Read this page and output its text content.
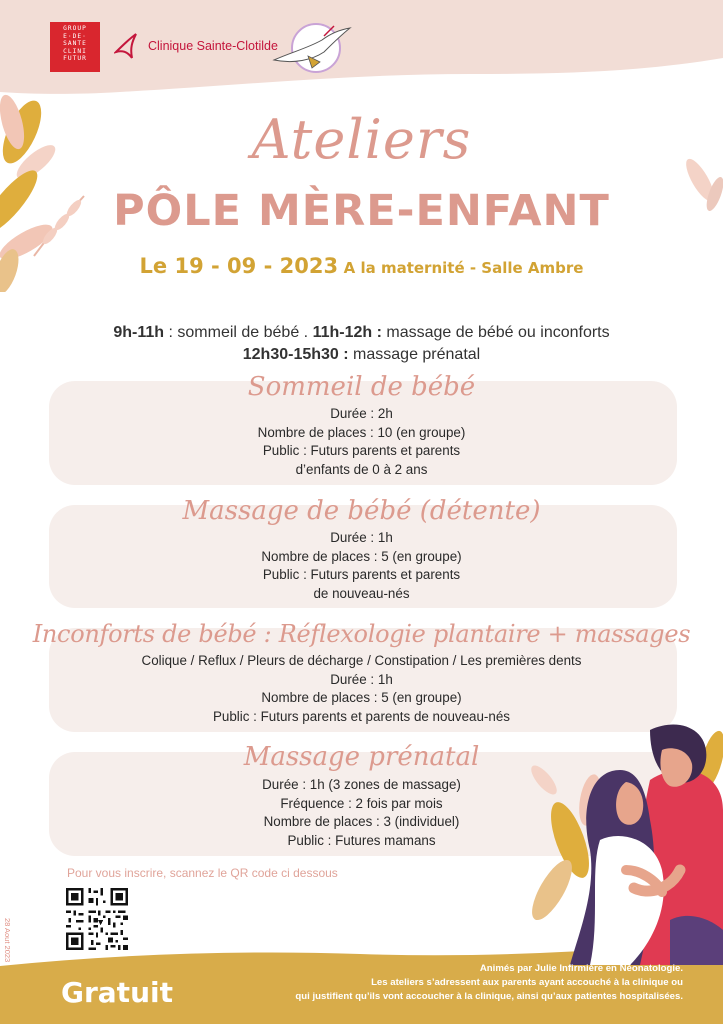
GROUP
E·DE·
SANTE
CLINI
FUTUR
Clinique Sainte-Clotilde
Ateliers
PÔLE MÈRE-ENFANT
Le 19 - 09 - 2023 A la maternité - Salle Ambre
9h-11h : sommeil de bébé . 11h-12h : massage de bébé ou inconforts
12h30-15h30 : massage prénatal
Sommeil de bébé
Durée : 2h
Nombre de places : 10 (en groupe)
Public : Futurs parents et parents
d’enfants de 0 à 2 ans
Massage de bébé (détente)
Durée : 1h
Nombre de places : 5 (en groupe)
Public : Futurs parents et parents
de nouveau-nés
Inconforts de bébé : Réflexologie plantaire + massages
Colique / Reflux / Pleurs de décharge / Constipation / Les premières dents
Durée : 1h
Nombre de places : 5 (en groupe)
Public : Futurs parents et parents de nouveau-nés
Massage prénatal
Durée : 1h (3 zones de massage)
Fréquence : 2 fois par mois
Nombre de places : 3 (individuel)
Public : Futures mamans
Pour vous inscrire, scannez le QR code ci dessous
28 Aout 2023
Gratuit
Animés par Julie Infirmière en Néonatologie.
Les ateliers s’adressent aux parents ayant accouché à la clinique ou
qui justifient qu’ils vont accoucher à la clinique, ainsi qu’aux patientes hospitalisées.
